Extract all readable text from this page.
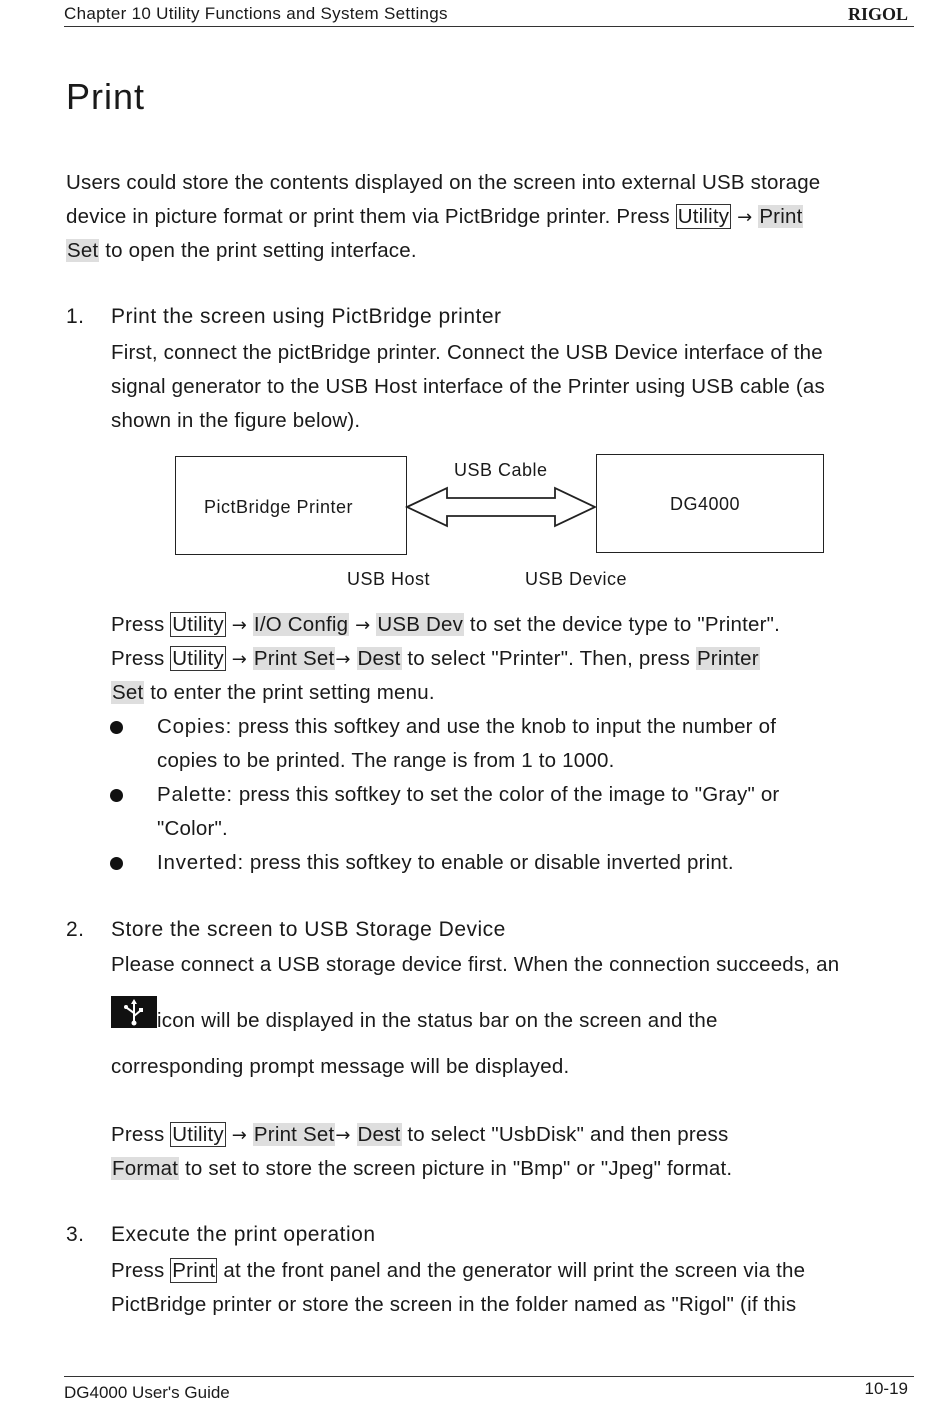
Chapter 10 Utility Functions and System Settings	RIGOL
Print
Users could store the contents displayed on the screen into external USB storage
device in picture format or print them via PictBridge printer. Press Utility → Print
Set to open the print setting interface.
1. Print the screen using PictBridge printer
First, connect the pictBridge printer. Connect the USB Device interface of the
signal generator to the USB Host interface of the Printer using USB cable (as
shown in the figure below).
PictBridge Printer	DG4000
USB Cable
USB Host	USB Device
Press Utility → I/O Config → USB Dev to set the device type to "Printer".
Press Utility → Print Set→ Dest to select "Printer". Then, press Printer
Set to enter the print setting menu.
Copies: press this softkey and use the knob to input the number of
copies to be printed. The range is from 1 to 1000.
Palette: press this softkey to set the color of the image to "Gray" or
"Color".
Inverted: press this softkey to enable or disable inverted print.
2. Store the screen to USB Storage Device
Please connect a USB storage device first. When the connection succeeds, an
icon will be displayed in the status bar on the screen and the
corresponding prompt message will be displayed.
Press Utility → Print Set→ Dest to select "UsbDisk" and then press
Format to set to store the screen picture in "Bmp" or "Jpeg" format.
3. Execute the print operation
Press Print at the front panel and the generator will print the screen via the
PictBridge printer or store the screen in the folder named as "Rigol" (if this
DG4000 User's Guide	10-19
